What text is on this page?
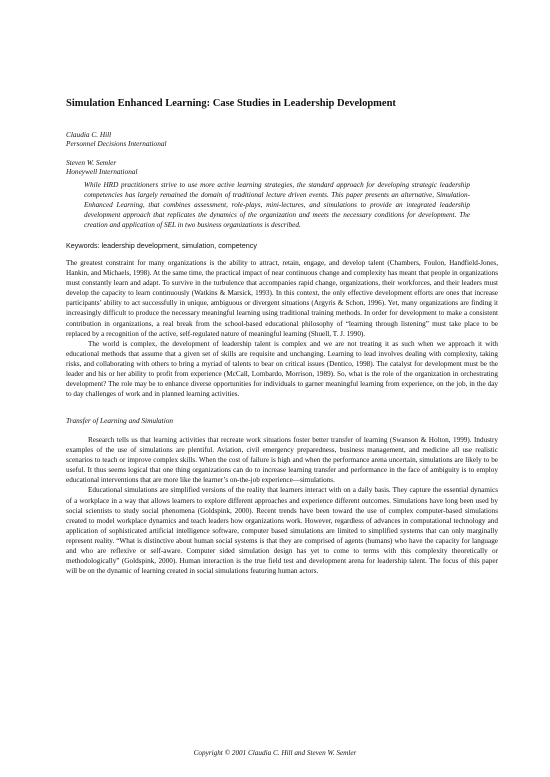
Simulation Enhanced Learning: Case Studies in Leadership Development
Claudia C. Hill
Personnel Decisions International
Steven W. Semler
Honeywell International
While HRD practitioners strive to use more active learning strategies, the standard approach for developing strategic leadership competencies has largely remained the domain of traditional lecture driven events. This paper presents an alternative, Simulation-Enhanced Learning, that combines assessment, role-plays, mini-lectures, and simulations to provide an integrated leadership development approach that replicates the dynamics of the organization and meets the necessary conditions for development. The creation and application of SEL in two business organizations is described.
Keywords: leadership development, simulation, competency

The greatest constraint for many organizations is the ability to attract, retain, engage, and develop talent (Chambers, Foulon, Handfield-Jones, Hankin, and Michaels, 1998). At the same time, the practical impact of near continuous change and complexity has meant that people in organizations must constantly learn and adapt. To survive in the turbulence that accompanies rapid change, organizations, their workforces, and their leaders must develop the capacity to learn continuously (Watkins & Marsick, 1993). In this context, the only effective development efforts are ones that increase participants’ ability to act successfully in unique, ambiguous or divergent situations (Argyris & Schon, 1996). Yet, many organizations are finding it increasingly difficult to produce the necessary meaningful learning using traditional training methods. In order for development to make a consistent contribution in organizations, a real break from the school-based educational philosophy of “learning through listening” must take place to be replaced by a recognition of the active, self-regulated nature of meaningful learning (Shuell, T. J. 1990).

The world is complex, the development of leadership talent is complex and we are not treating it as such when we approach it with educational methods that assume that a given set of skills are requisite and unchanging. Learning to lead involves dealing with complexity, taking risks, and collaborating with others to bring a myriad of talents to bear on critical issues (Dentico, 1998). The catalyst for development must be the leader and his or her ability to profit from experience (McCall, Lombardo, Morrison, 1989). So, what is the role of the organization in orchestrating development? The role may be to enhance diverse opportunities for individuals to garner meaningful learning from experience, on the job, in the day to day challenges of work and in planned learning activities.

Transfer of Learning and Simulation

Research tells us that learning activities that recreate work situations foster better transfer of learning (Swanson & Holton, 1999). Industry examples of the use of simulations are plentiful. Aviation, civil emergency preparedness, business management, and medicine all use realistic scenarios to teach or improve complex skills. When the cost of failure is high and when the performance arena uncertain, simulations are likely to be useful. It thus seems logical that one thing organizations can do to increase learning transfer and performance in the face of ambiguity is to employ educational interventions that are more like the learner’s on-the-job experience—simulations.

Educational simulations are simplified versions of the reality that learners interact with on a daily basis. They capture the essential dynamics of a workplace in a way that allows learners to explore different approaches and experience different outcomes. Simulations have long been used by social scientists to study social phenomena (Goldspink, 2000). Recent trends have been toward the use of complex computer-based simulations created to model workplace dynamics and teach leaders how organizations work. However, regardless of advances in computational technology and application of sophisticated artificial intelligence software, computer based simulations are limited to simplified systems that can only marginally represent reality. “What is distinctive about human social systems is that they are comprised of agents (humans) who have the capacity for language and who are reflexive or self-aware. Computer sided simulation design has yet to come to terms with this complexity theoretically or methodologically” (Goldspink, 2000). Human interaction is the true field test and development arena for leadership talent. The focus of this paper will be on the dynamic of learning created in social simulations featuring human actors.

Copyright © 2001 Claudia C. Hill and Steven W. Semler
